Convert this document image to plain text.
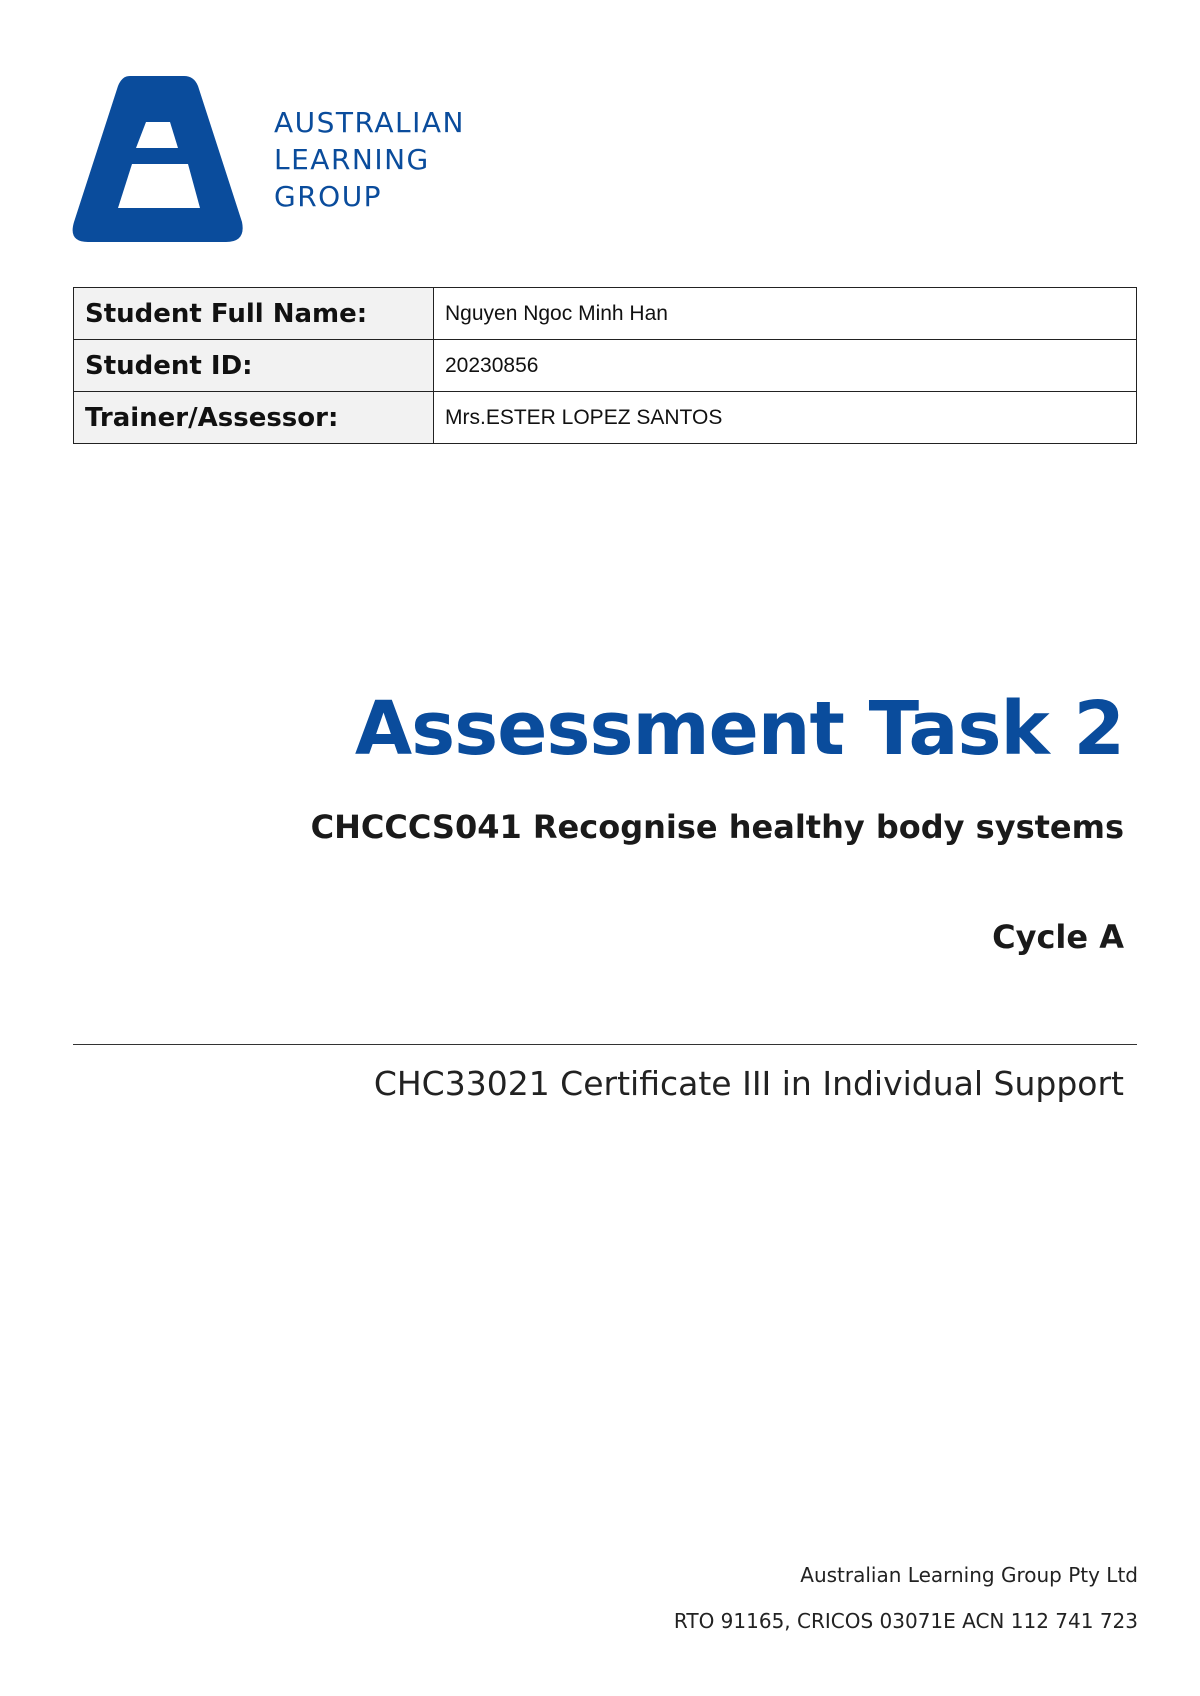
AUSTRALIAN
LEARNING
GROUP
Student Full Name:	Nguyen Ngoc Minh Han
Student ID:	20230856
Trainer/Assessor:	Mrs.ESTER LOPEZ SANTOS
Assessment Task 2
CHCCCS041 Recognise healthy body systems
Cycle A
CHC33021 Certificate III in Individual Support
Australian Learning Group Pty Ltd
RTO 91165, CRICOS 03071E ACN 112 741 723
